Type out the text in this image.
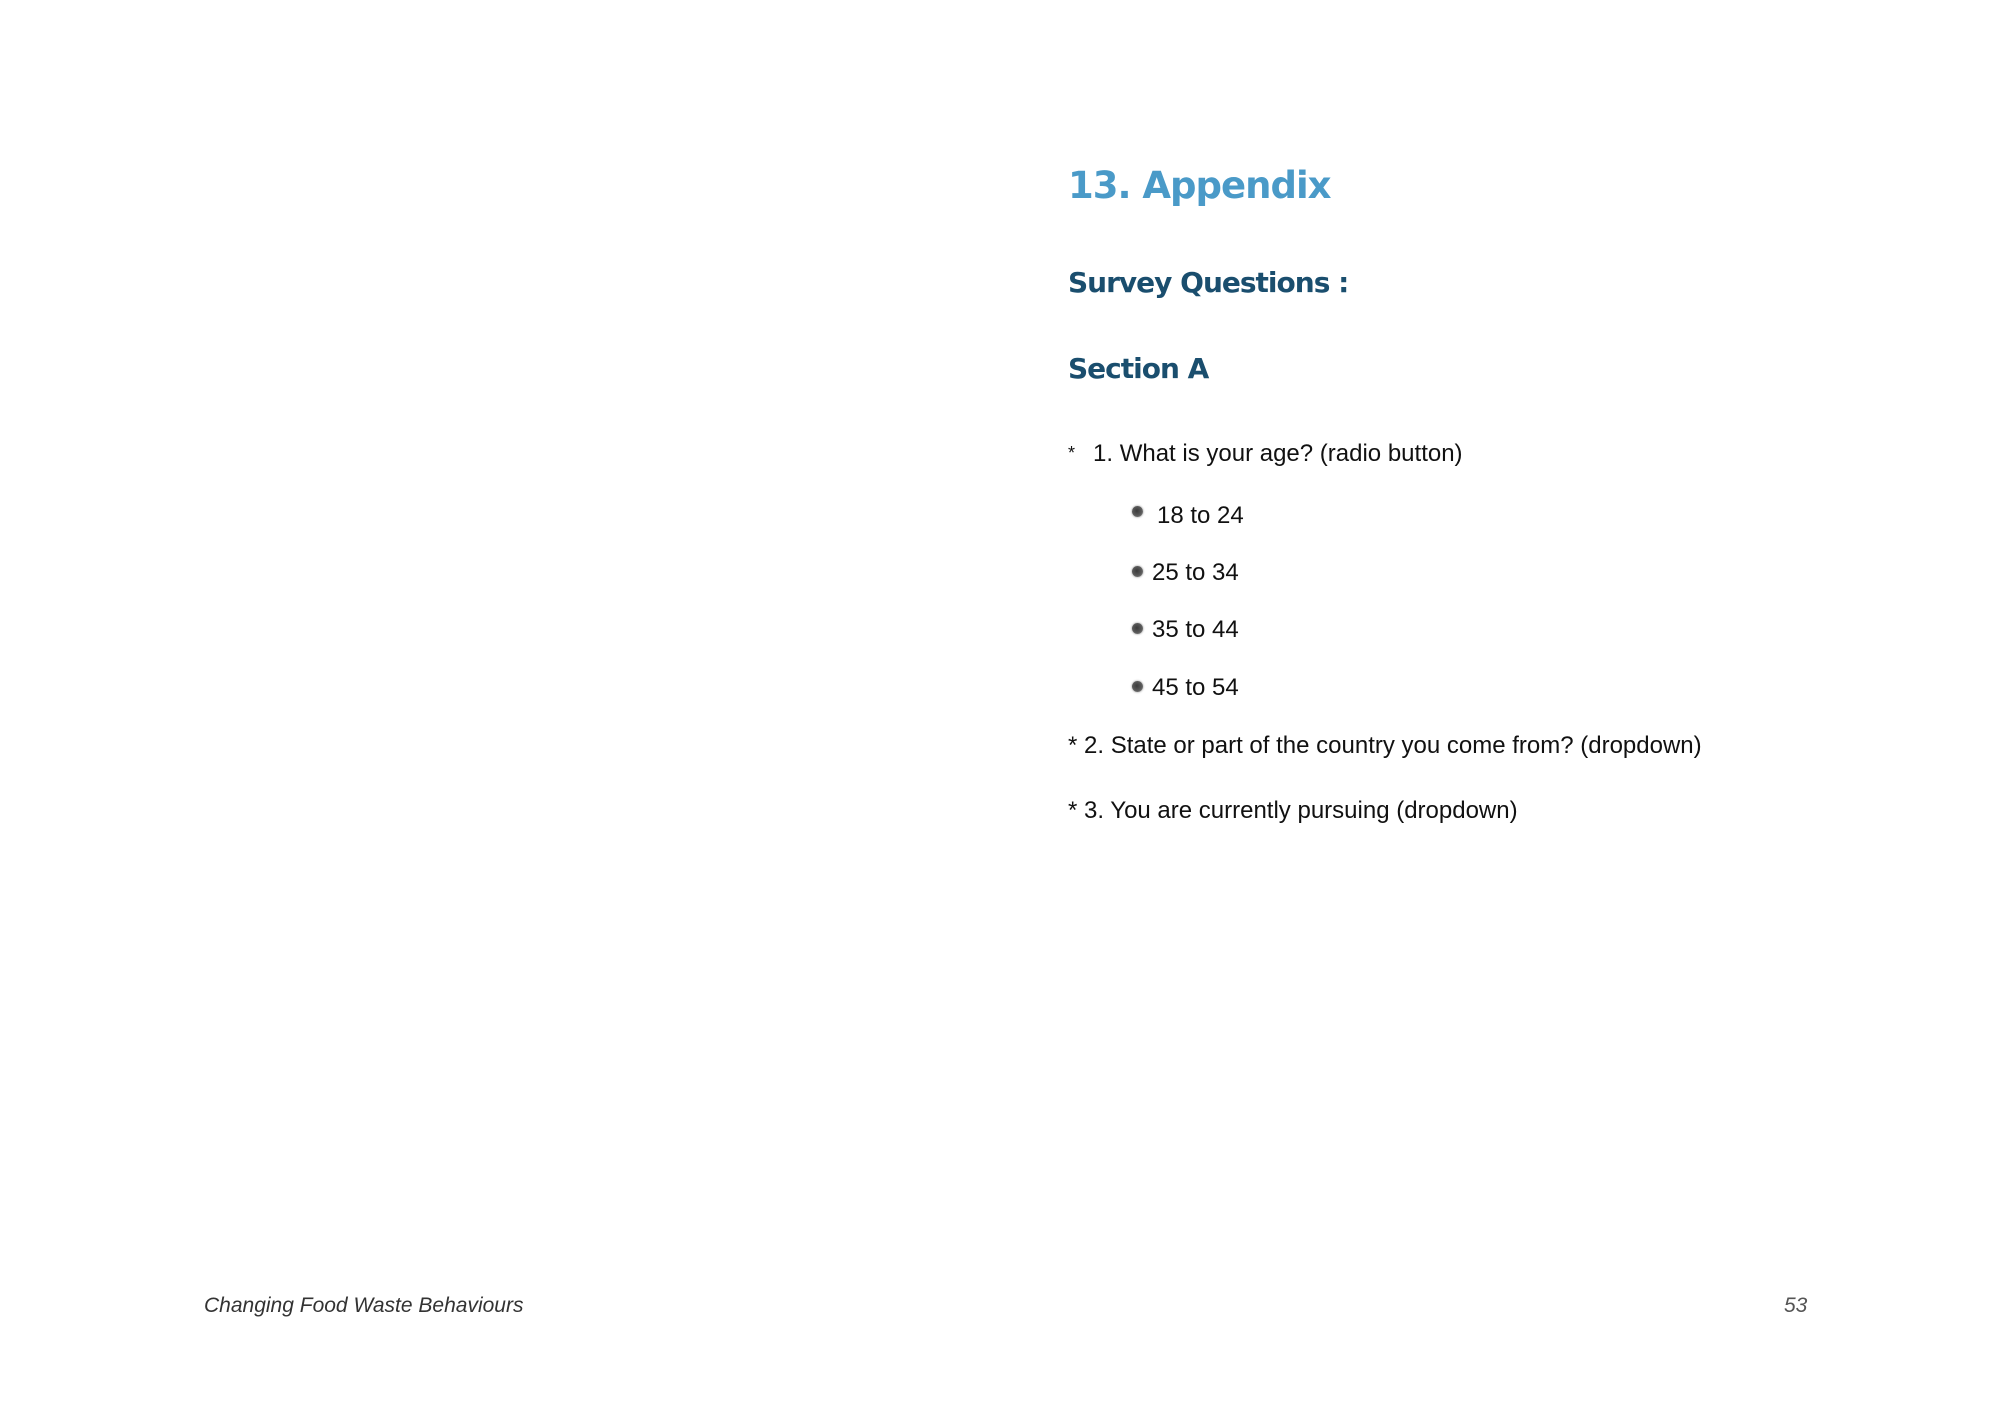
13. Appendix
Survey Questions :
Section A
* 1. What is your age? (radio button)
18 to 24
25 to 34
35 to 44
45 to 54
* 2. State or part of the country you come from? (dropdown)
* 3. You are currently pursuing (dropdown)
Changing Food Waste Behaviours	53
